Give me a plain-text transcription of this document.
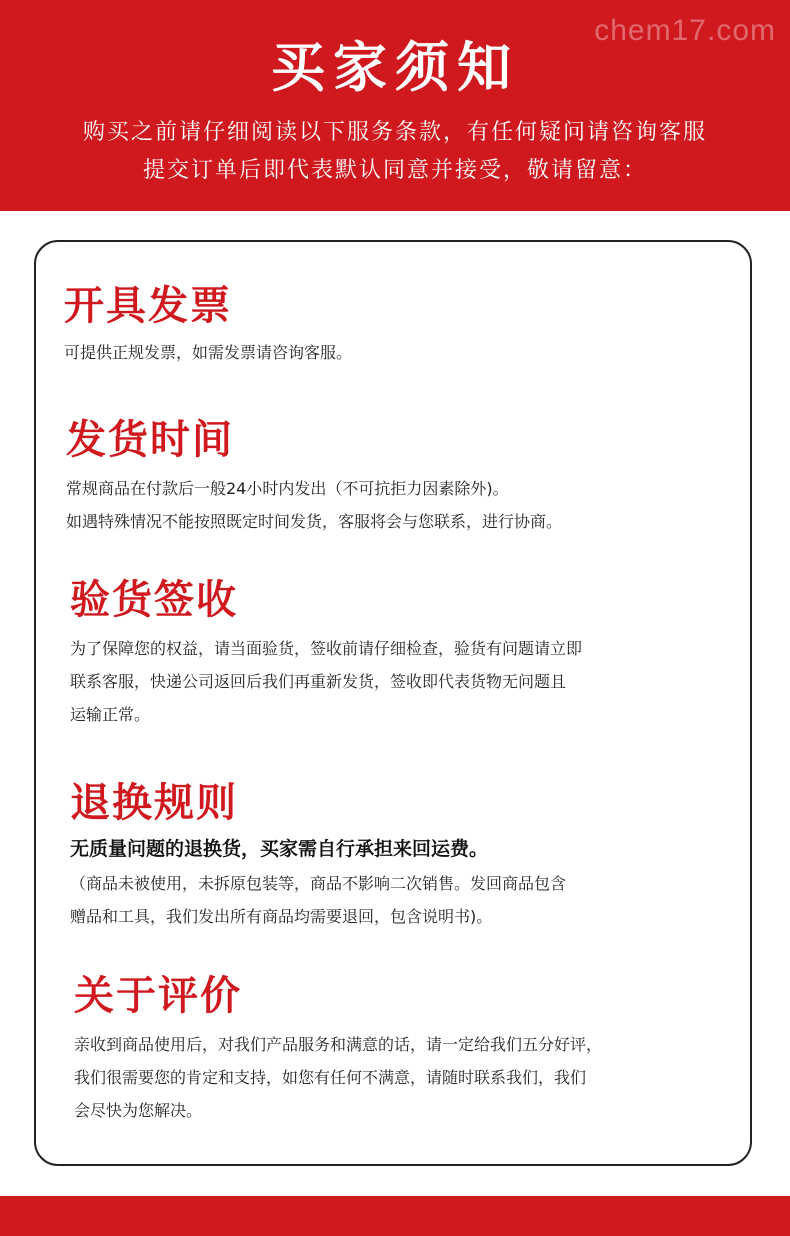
chem17.com
买家须知
购买之前请仔细阅读以下服务条款，有任何疑问请咨询客服
提交订单后即代表默认同意并接受，敬请留意：
开具发票
可提供正规发票，如需发票请咨询客服。
发货时间
常规商品在付款后一般24小时内发出（不可抗拒力因素除外)。
如遇特殊情况不能按照既定时间发货，客服将会与您联系，进行协商。
验货签收
为了保障您的权益，请当面验货，签收前请仔细检查，验货有问题请立即
联系客服，快递公司返回后我们再重新发货，签收即代表货物无问题且
运输正常。
退换规则
无质量问题的退换货，买家需自行承担来回运费。
（商品未被使用，未拆原包装等，商品不影响二次销售。发回商品包含
赠品和工具，我们发出所有商品均需要退回，包含说明书)。
关于评价
亲收到商品使用后，对我们产品服务和满意的话，请一定给我们五分好评，
我们很需要您的肯定和支持，如您有任何不满意，请随时联系我们，我们
会尽快为您解决。
